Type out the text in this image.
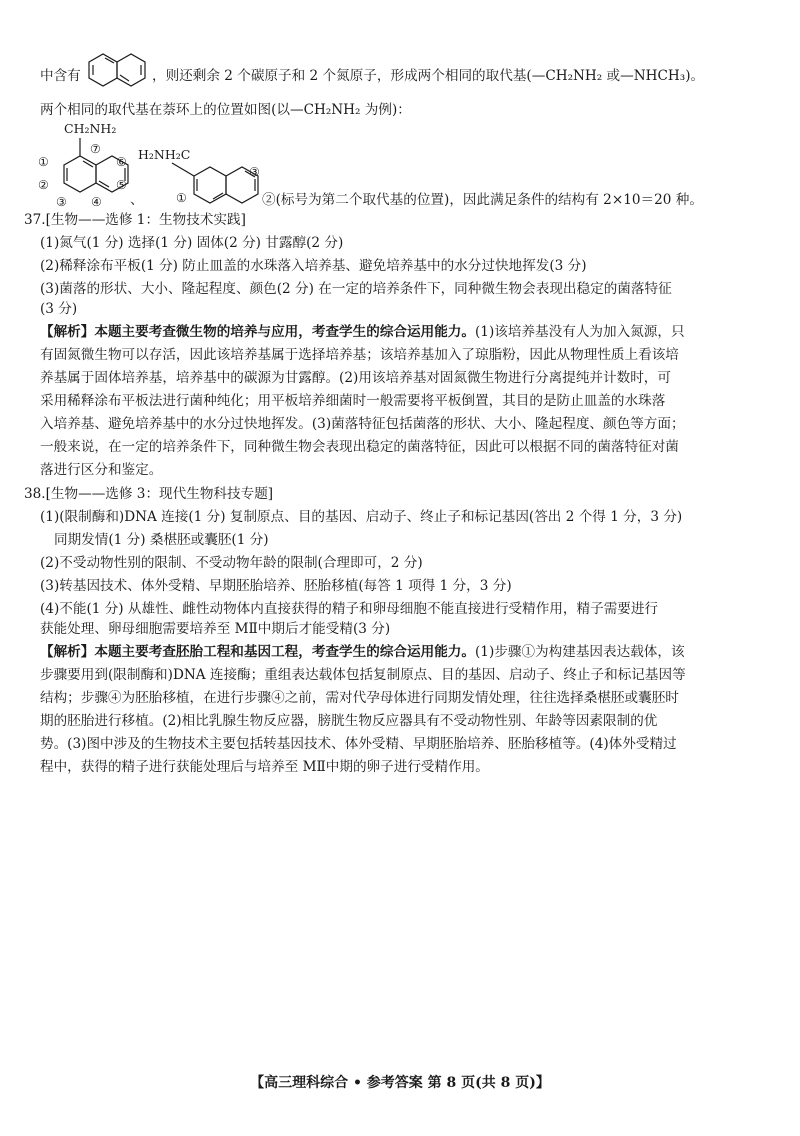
中含有	，则还剩余 2 个碳原子和 2 个氮原子，形成两个相同的取代基(—CH₂NH₂ 或—NHCH₃)。
两个相同的取代基在萘环上的位置如图(以—CH₂NH₂ 为例)：
CH₂NH₂
①
②
③ ④
⑤
⑥
⑦
、
H₂NH₂C
①
③
②(标号为第二个取代基的位置)，因此满足条件的结构有 2×10＝20 种。
37.[生物——选修 1：生物技术实践]
(1)氮气(1 分) 选择(1 分) 固体(2 分) 甘露醇(2 分)
(2)稀释涂布平板(1 分) 防止皿盖的水珠落入培养基、避免培养基中的水分过快地挥发(3 分)
(3)菌落的形状、大小、隆起程度、颜色(2 分) 在一定的培养条件下，同种微生物会表现出稳定的菌落特征
(3 分)
【解析】本题主要考查微生物的培养与应用，考查学生的综合运用能力。(1)该培养基没有人为加入氮源，只
有固氮微生物可以存活，因此该培养基属于选择培养基；该培养基加入了琼脂粉，因此从物理性质上看该培
养基属于固体培养基，培养基中的碳源为甘露醇。(2)用该培养基对固氮微生物进行分离提纯并计数时，可
采用稀释涂布平板法进行菌种纯化；用平板培养细菌时一般需要将平板倒置，其目的是防止皿盖的水珠落
入培养基、避免培养基中的水分过快地挥发。(3)菌落特征包括菌落的形状、大小、隆起程度、颜色等方面；
一般来说，在一定的培养条件下，同种微生物会表现出稳定的菌落特征，因此可以根据不同的菌落特征对菌
落进行区分和鉴定。
38.[生物——选修 3：现代生物科技专题]
(1)(限制酶和)DNA 连接(1 分) 复制原点、目的基因、启动子、终止子和标记基因(答出 2 个得 1 分，3 分)
同期发情(1 分) 桑椹胚或囊胚(1 分)
(2)不受动物性别的限制、不受动物年龄的限制(合理即可，2 分)
(3)转基因技术、体外受精、早期胚胎培养、胚胎移植(每答 1 项得 1 分，3 分)
(4)不能(1 分) 从雄性、雌性动物体内直接获得的精子和卵母细胞不能直接进行受精作用，精子需要进行
获能处理、卵母细胞需要培养至 MⅡ中期后才能受精(3 分)
【解析】本题主要考查胚胎工程和基因工程，考查学生的综合运用能力。(1)步骤①为构建基因表达载体，该
步骤要用到(限制酶和)DNA 连接酶；重组表达载体包括复制原点、目的基因、启动子、终止子和标记基因等
结构；步骤④为胚胎移植，在进行步骤④之前，需对代孕母体进行同期发情处理，往往选择桑椹胚或囊胚时
期的胚胎进行移植。(2)相比乳腺生物反应器，膀胱生物反应器具有不受动物性别、年龄等因素限制的优
势。(3)图中涉及的生物技术主要包括转基因技术、体外受精、早期胚胎培养、胚胎移植等。(4)体外受精过
程中，获得的精子进行获能处理后与培养至 MⅡ中期的卵子进行受精作用。
【高三理科综合 • 参考答案 第 8 页(共 8 页)】
